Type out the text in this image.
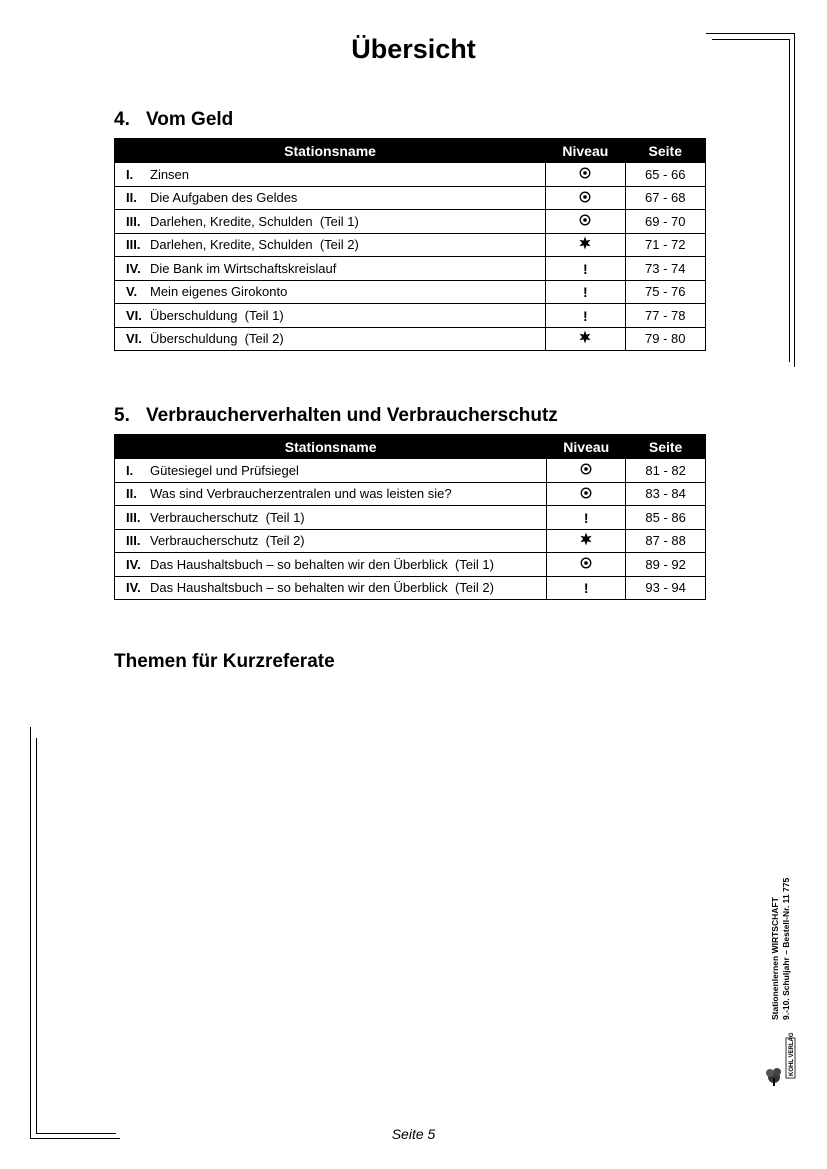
Übersicht
4. Vom Geld
Stationsname	Niveau	Seite
I. Zinsen		65 - 66
II. Die Aufgaben des Geldes		67 - 68
III. Darlehen, Kredite, Schulden  (Teil 1)		69 - 70
III. Darlehen, Kredite, Schulden  (Teil 2)		71 - 72
IV. Die Bank im Wirtschaftskreislauf	!	73 - 74
V. Mein eigenes Girokonto	!	75 - 76
VI. Überschuldung  (Teil 1)	!	77 - 78
VI. Überschuldung  (Teil 2)		79 - 80
5. Verbraucherverhalten und Verbraucherschutz
Stationsname	Niveau	Seite
I. Gütesiegel und Prüfsiegel		81 - 82
II. Was sind Verbraucherzentralen und was leisten sie?		83 - 84
III. Verbraucherschutz  (Teil 1)	!	85 - 86
III. Verbraucherschutz  (Teil 2)		87 - 88
IV. Das Haushaltsbuch – so behalten wir den Überblick  (Teil 1)		89 - 92
IV. Das Haushaltsbuch – so behalten wir den Überblick  (Teil 2)	!	93 - 94
Themen für Kurzreferate
Stationenlernen WIRTSCHAFT 9.-10. Schuljahr – Bestell-Nr. 11 775
KOHL VERLAG
Seite 5
